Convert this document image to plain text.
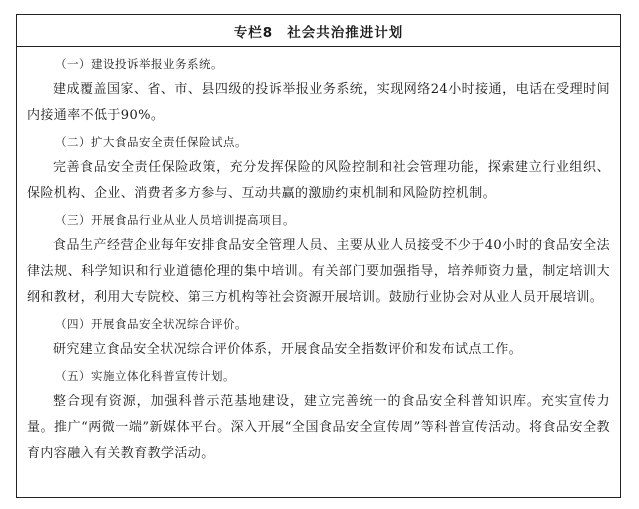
专栏8 社会共治推进计划
（一）建设投诉举报业务系统。

建成覆盖国家、省、市、县四级的投诉举报业务系统，实现网络24小时接通，电话在受理时间内接通率不低于90%。

（二）扩大食品安全责任保险试点。

完善食品安全责任保险政策，充分发挥保险的风险控制和社会管理功能，探索建立行业组织、保险机构、企业、消费者多方参与、互动共赢的激励约束机制和风险防控机制。

（三）开展食品行业从业人员培训提高项目。

食品生产经营企业每年安排食品安全管理人员、主要从业人员接受不少于40小时的食品安全法律法规、科学知识和行业道德伦理的集中培训。有关部门要加强指导，培养师资力量，制定培训大纲和教材，利用大专院校、第三方机构等社会资源开展培训。鼓励行业协会对从业人员开展培训。

（四）开展食品安全状况综合评价。

研究建立食品安全状况综合评价体系，开展食品安全指数评价和发布试点工作。

（五）实施立体化科普宣传计划。

整合现有资源，加强科普示范基地建设，建立完善统一的食品安全科普知识库。充实宣传力量。推广“两微一端”新媒体平台。深入开展“全国食品安全宣传周”等科普宣传活动。将食品安全教育内容融入有关教育教学活动。
